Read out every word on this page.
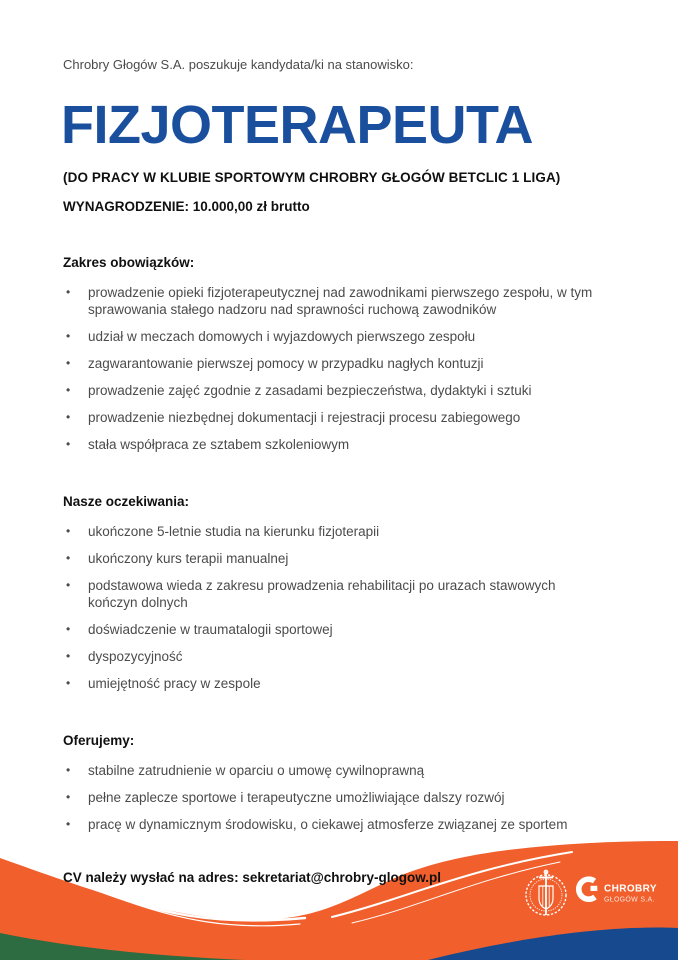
Chrobry Głogów S.A. poszukuje kandydata/ki na stanowisko:

FIZJOTERAPEUTA

(DO PRACY W KLUBIE SPORTOWYM CHROBRY GŁOGÓW BETCLIC 1 LIGA)

WYNAGRODZENIE: 10.000,00 zł brutto

Zakres obowiązków:
• prowadzenie opieki fizjoterapeutycznej nad zawodnikami pierwszego zespołu, w tym sprawowania stałego nadzoru nad sprawności ruchową zawodników
• udział w meczach domowych i wyjazdowych pierwszego zespołu
• zagwarantowanie pierwszej pomocy w przypadku nagłych kontuzji
• prowadzenie zajęć zgodnie z zasadami bezpieczeństwa, dydaktyki i sztuki
• prowadzenie niezbędnej dokumentacji i rejestracji procesu zabiegowego
• stała współpraca ze sztabem szkoleniowym
Nasze oczekiwania:
• ukończone 5-letnie studia na kierunku fizjoterapii
• ukończony kurs terapii manualnej
• podstawowa wieda z zakresu prowadzenia rehabilitacji po urazach stawowych kończyn dolnych
• doświadczenie w traumatalogii sportowej
• dyspozycyjność
• umiejętność pracy w zespole
Oferujemy:
• stabilne zatrudnienie w oparciu o umowę cywilnoprawną
• pełne zaplecze sportowe i terapeutyczne umożliwiające dalszy rozwój
• pracę w dynamicznym środowisku, o ciekawej atmosferze związanej ze sportem

CV należy wysłać na adres: sekretariat@chrobry-glogow.pl

CHROBRY
GŁOGÓW S.A.
